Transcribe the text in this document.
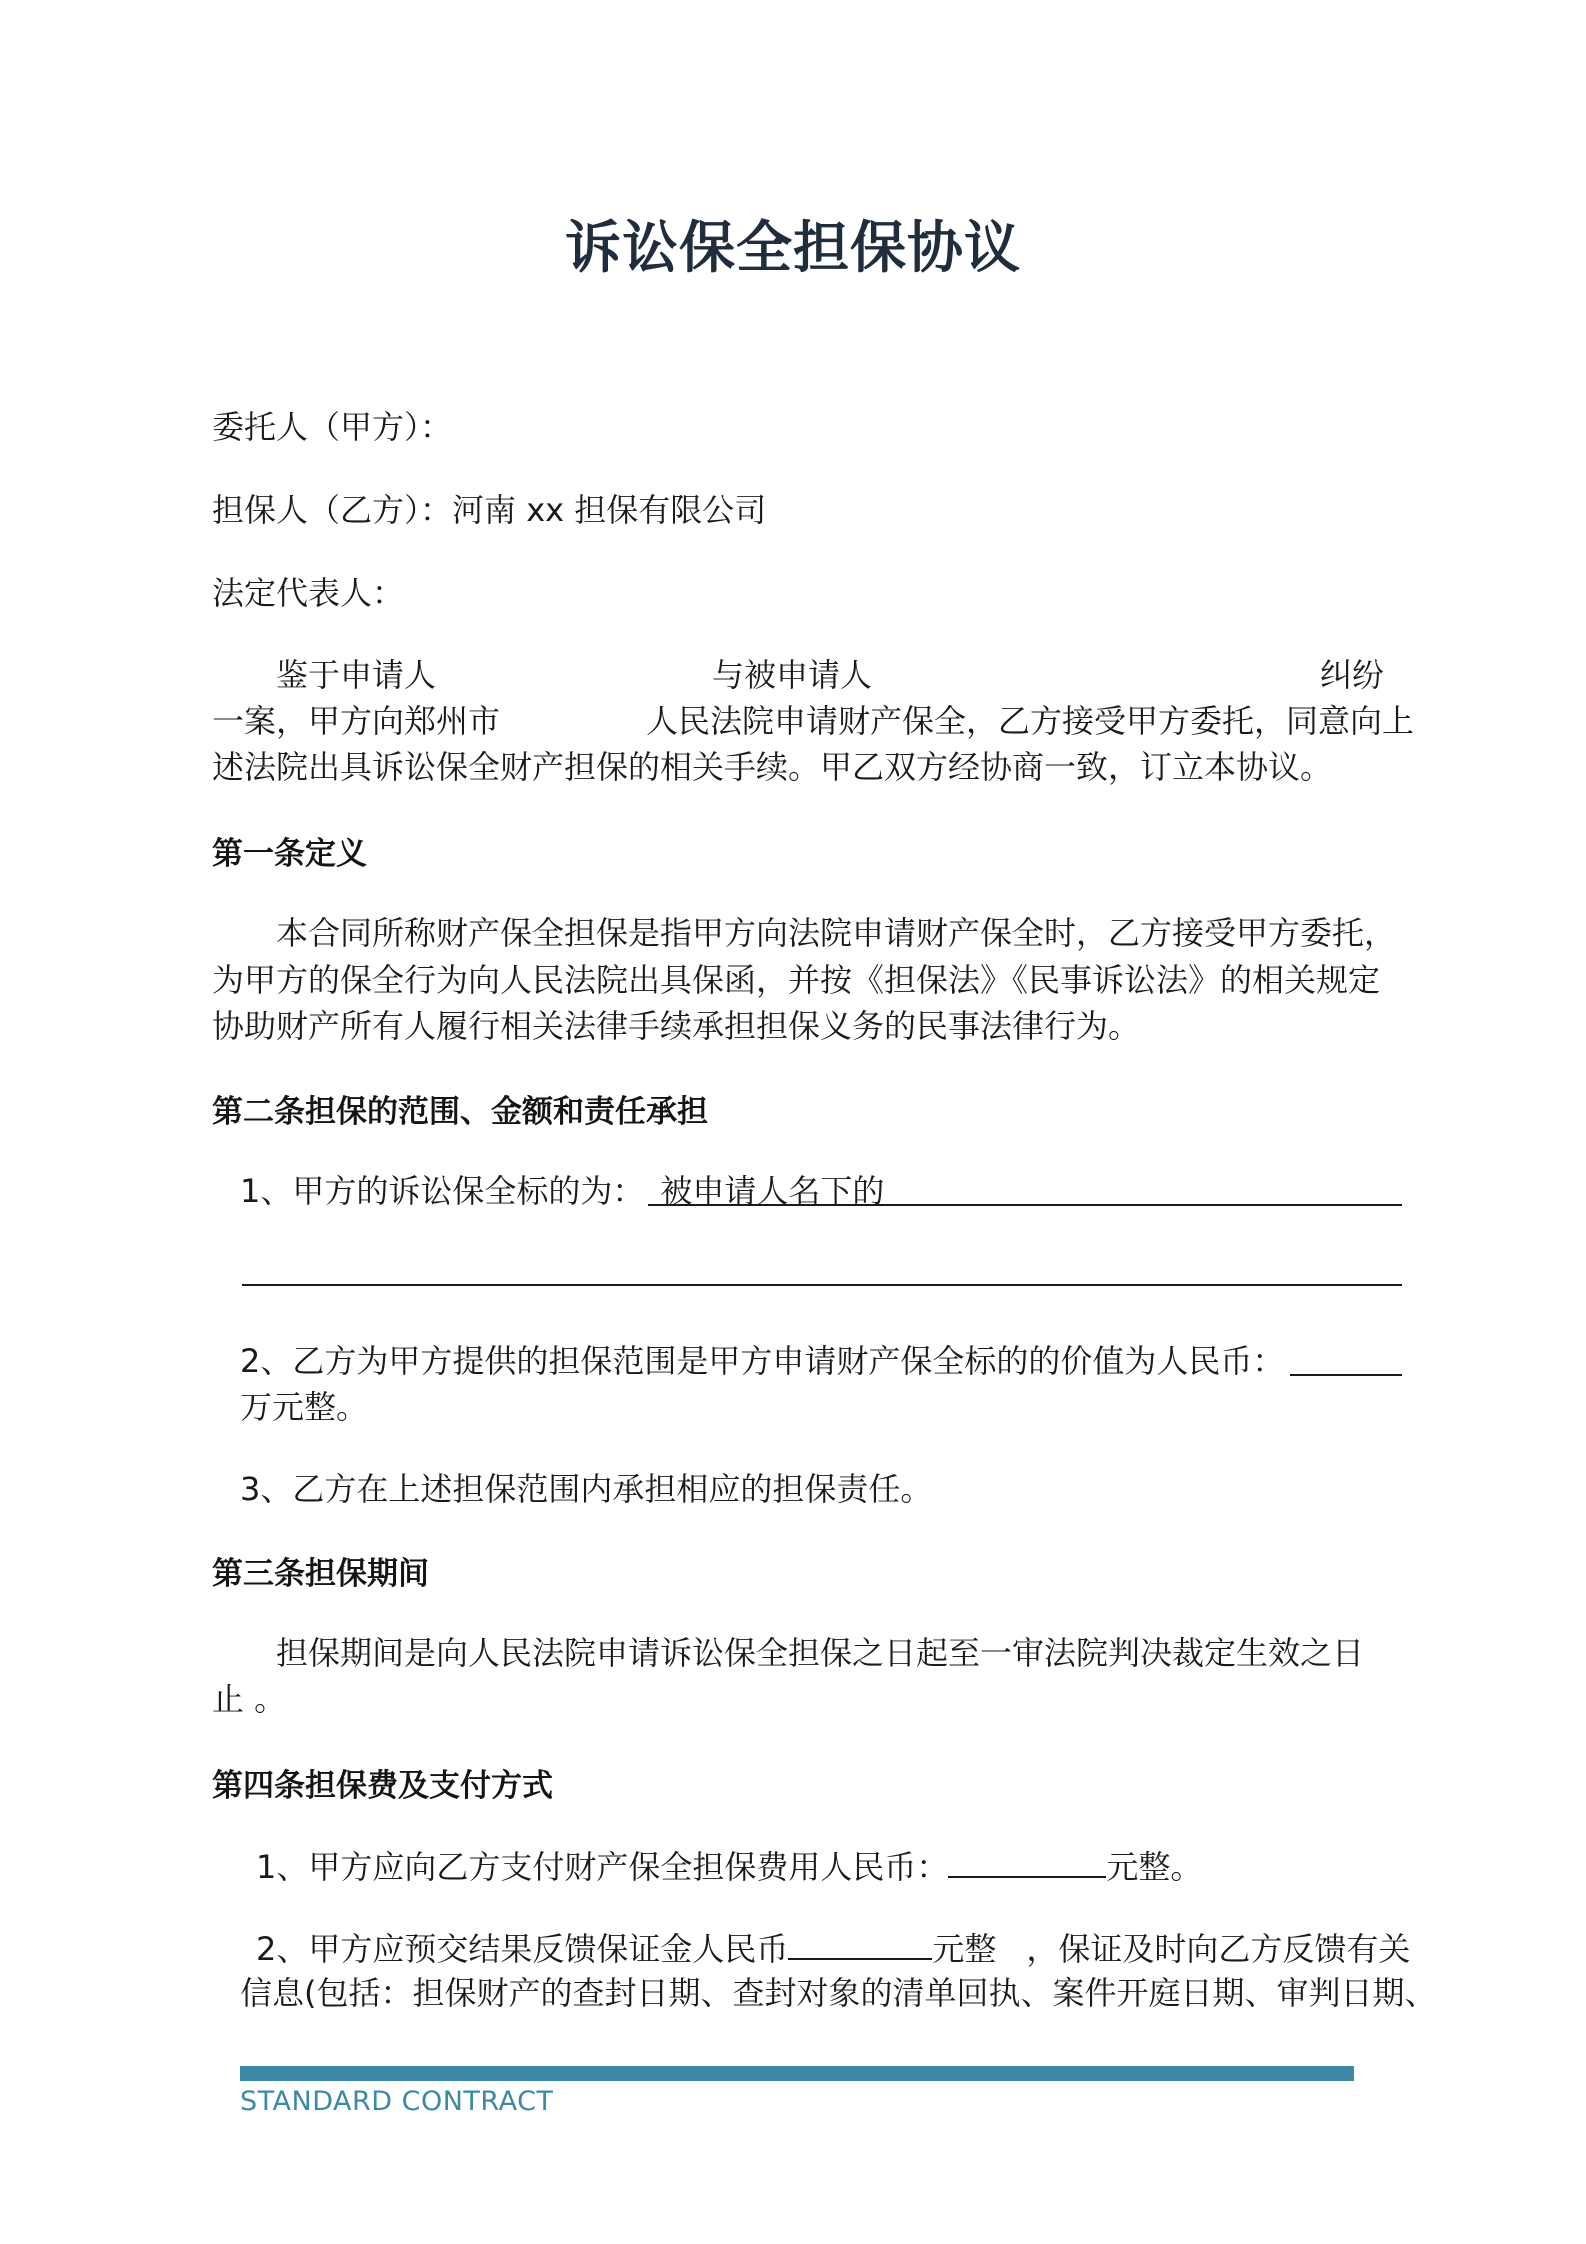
诉讼保全担保协议
委托人（甲方）：
担保人（乙方）：河南 xx 担保有限公司
法定代表人：
鉴于申请人	与被申请人	纠纷
一案，甲方向郑州市	人民法院申请财产保全，乙方接受甲方委托，同意向上
述法院出具诉讼保全财产担保的相关手续。甲乙双方经协商一致，订立本协议。
第一条定义
本合同所称财产保全担保是指甲方向法院申请财产保全时，乙方接受甲方委托，
为甲方的保全行为向人民法院出具保函，并按《担保法》《民事诉讼法》的相关规定
协助财产所有人履行相关法律手续承担担保义务的民事法律行为。
第二条担保的范围、金额和责任承担
1、甲方的诉讼保全标的为： 被申请人名下的
2、乙方为甲方提供的担保范围是甲方申请财产保全标的的价值为人民币：
万元整。
3、乙方在上述担保范围内承担相应的担保责任。
第三条担保期间
担保期间是向人民法院申请诉讼保全担保之日起至一审法院判决裁定生效之日
止 。
第四条担保费及支付方式
1、甲方应向乙方支付财产保全担保费用人民币：	元整。
2、甲方应预交结果反馈保证金人民币	元整 ，保证及时向乙方反馈有关
信息(包括：担保财产的查封日期、查封对象的清单回执、案件开庭日期、审判日期、
STANDARD CONTRACT
